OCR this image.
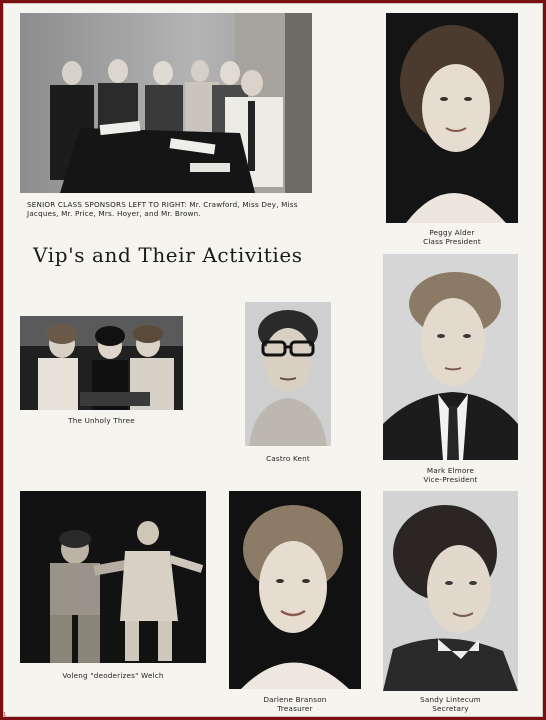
SENIOR CLASS SPONSORS LEFT TO RIGHT: Mr. Crawford, Miss Dey, Miss Jacques, Mr. Price, Mrs. Hoyer, and Mr. Brown.
Vip's and Their Activities
Peggy Alder
Class President
The Unholy Three
Castro Kent
Mark Elmore
Vice-President
Voleng "deoderizes" Welch
Darlene Branson
Treasurer
Sandy Lintecum
Secretary
1
